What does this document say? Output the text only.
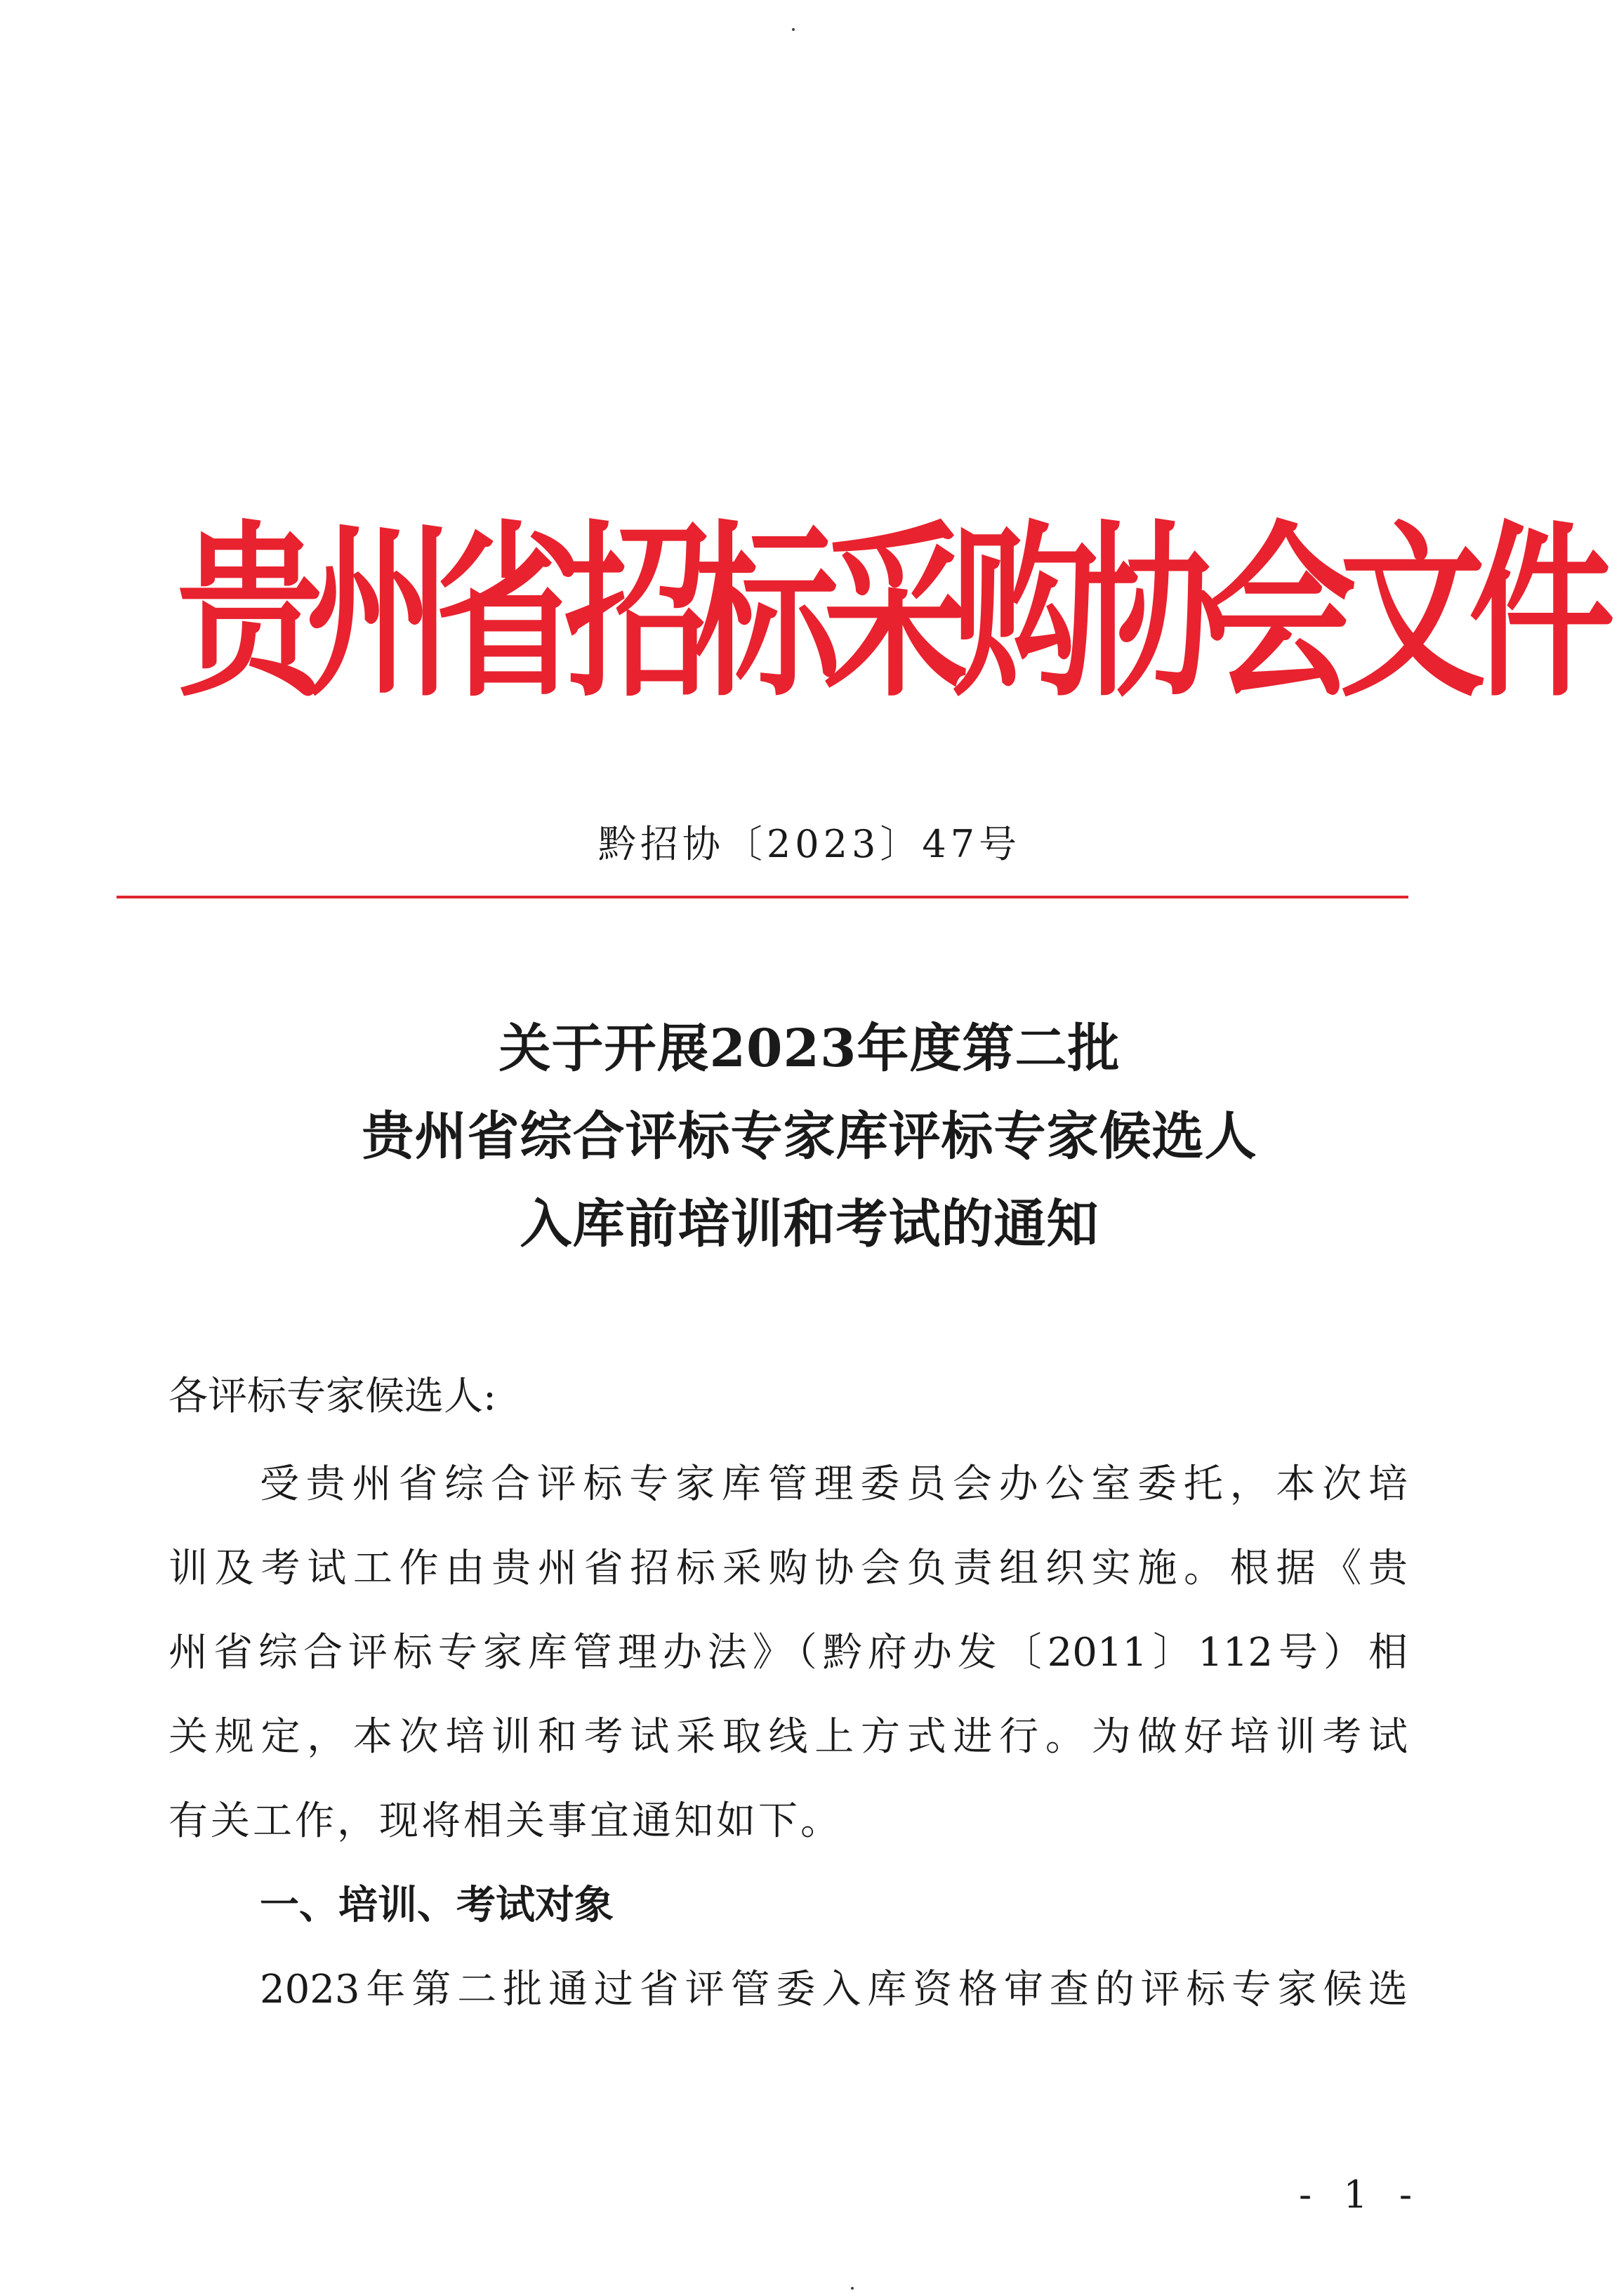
贵州省招标采购协会文件
黔招协〔2023〕47号
关于开展2023年度第二批
贵州省综合评标专家库评标专家候选人
入库前培训和考试的通知
各评标专家候选人:
受贵州省综合评标专家库管理委员会办公室委托，本次培
训及考试工作由贵州省招标采购协会负责组织实施。根据《贵
州省综合评标专家库管理办法》（黔府办发〔2011〕112号）相
关规定，本次培训和考试采取线上方式进行。为做好培训考试
有关工作，现将相关事宜通知如下。
一、培训、考试对象
2023年第二批通过省评管委入库资格审查的评标专家候选
- 1 -
